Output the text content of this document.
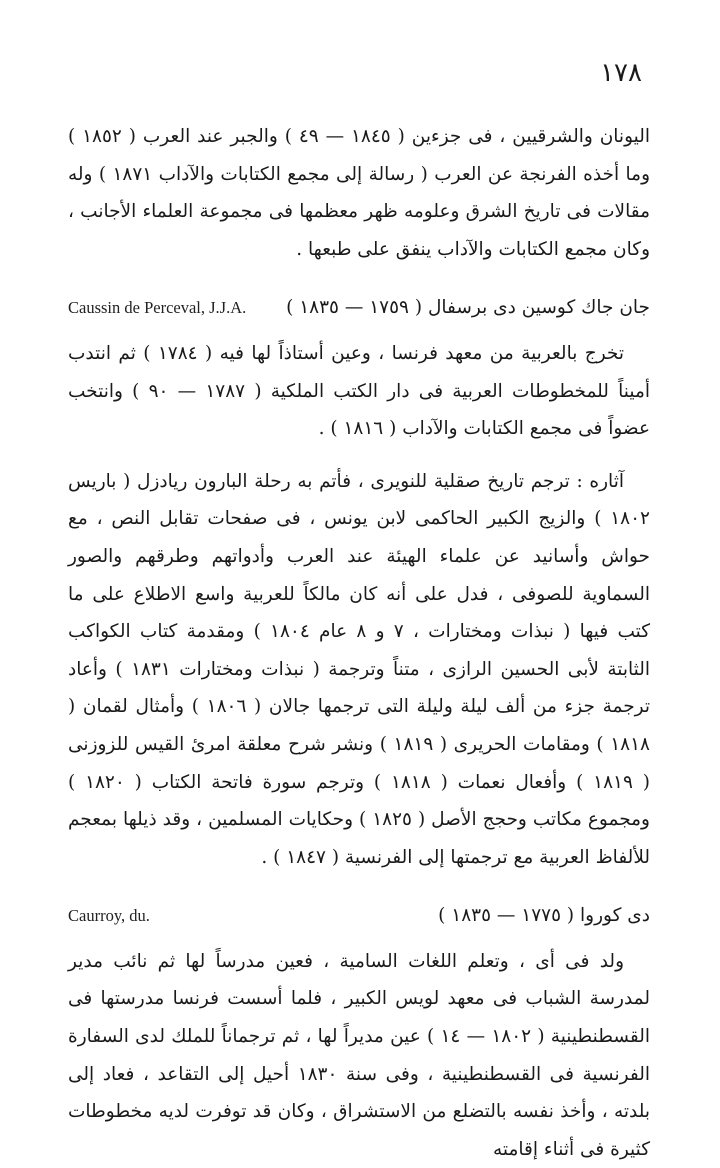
١٧٨

اليونان والشرقيين ، فى جزءين ( ١٨٤٥ — ٤٩ ) والجبر عند العرب ( ١٨٥٢ ) وما أخذه الفرنجة عن العرب ( رسالة إلى مجمع الكتابات والآداب ١٨٧١ ) وله مقالات فى تاريخ الشرق وعلومه ظهر معظمها فى مجموعة العلماء الأجانب ، وكان مجمع الكتابات والآداب ينفق على طبعها .

جان جاك كوسين دى برسفال ( ١٧٥٩ — ١٨٣٥ )
Caussin de Perceval, J.J.A.

تخرج بالعربية من معهد فرنسا ، وعين أستاذاً لها فيه ( ١٧٨٤ ) ثم انتدب أميناً للمخطوطات العربية فى دار الكتب الملكية ( ١٧٨٧ — ٩٠ ) وانتخب عضواً فى مجمع الكتابات والآداب ( ١٨١٦ ) .

آثاره : ترجم تاريخ صقلية للنويرى ، فأتم به رحلة البارون ريادزل ( باريس ١٨٠٢ ) والزيج الكبير الحاكمى لابن يونس ، فى صفحات تقابل النص ، مع حواش وأسانيد عن علماء الهيئة عند العرب وأدواتهم وطرقهم والصور السماوية للصوفى ، فدل على أنه كان مالكاً للعربية واسع الاطلاع على ما كتب فيها ( نبذات ومختارات ، ٧ و ٨ عام ١٨٠٤ ) ومقدمة كتاب الكواكب الثابتة لأبى الحسين الرازى ، متناً وترجمة ( نبذات ومختارات ١٨٣١ ) وأعاد ترجمة جزء من ألف ليلة وليلة التى ترجمها جالان ( ١٨٠٦ ) وأمثال لقمان ( ١٨١٨ ) ومقامات الحريرى ( ١٨١٩ ) ونشر شرح معلقة امرئ القيس للزوزنى ( ١٨١٩ ) وأفعال نعمات ( ١٨١٨ ) وترجم سورة فاتحة الكتاب ( ١٨٢٠ ) ومجموع مكاتب وحجج الأصل ( ١٨٢٥ ) وحكايات المسلمين ، وقد ذيلها بمعجم للألفاظ العربية مع ترجمتها إلى الفرنسية ( ١٨٤٧ ) .

دى كوروا ( ١٧٧٥ — ١٨٣٥ )
Caurroy, du.

ولد فى أى ، وتعلم اللغات السامية ، فعين مدرساً لها ثم نائب مدير لمدرسة الشباب فى معهد لويس الكبير ، فلما أسست فرنسا مدرستها فى القسطنطينية ( ١٨٠٢ — ١٤ ) عين مديراً لها ، ثم ترجماناً للملك لدى السفارة الفرنسية فى القسطنطينية ، وفى سنة ١٨٣٠ أحيل إلى التقاعد ، فعاد إلى بلدته ، وأخذ نفسه بالتضلع من الاستشراق ، وكان قد توفرت لديه مخطوطات كثيرة فى أثناء إقامته
